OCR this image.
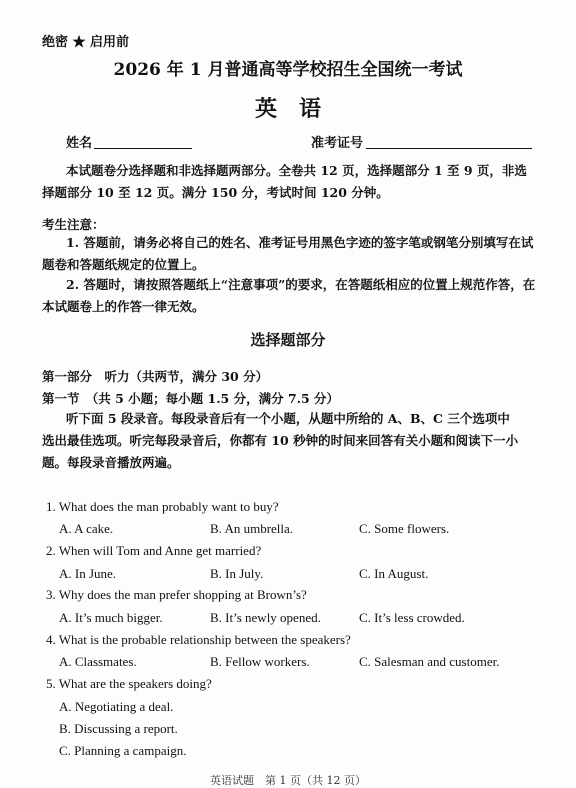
绝密 ★ 启用前
2026 年 1 月普通高等学校招生全国统一考试
英语
姓名	准考证号
本试题卷分选择题和非选择题两部分。全卷共 12 页，选择题部分 1 至 9 页，非选择题部分 10 至 12 页。满分 150 分，考试时间 120 分钟。
考生注意：
1. 答题前，请务必将自己的姓名、准考证号用黑色字迹的签字笔或钢笔分别填写在试题卷和答题纸规定的位置上。
2. 答题时，请按照答题纸上“注意事项”的要求，在答题纸相应的位置上规范作答，在本试题卷上的作答一律无效。
选择题部分
第一部分　听力（共两节，满分 30 分）
第一节　（共 5 小题；每小题 1.5 分，满分 7.5 分）
听下面 5 段录音。每段录音后有一个小题，从题中所给的 A、B、C 三个选项中选出最佳选项。听完每段录音后，你都有 10 秒钟的时间来回答有关小题和阅读下一小题。每段录音播放两遍。
1. What does the man probably want to buy?
A. A cake.	B. An umbrella.	C. Some flowers.
2. When will Tom and Anne get married?
A. In June.	B. In July.	C. In August.
3. Why does the man prefer shopping at Brown’s?
A. It’s much bigger.	B. It’s newly opened.	C. It’s less crowded.
4. What is the probable relationship between the speakers?
A. Classmates.	B. Fellow workers.	C. Salesman and customer.
5. What are the speakers doing?
A. Negotiating a deal.
B. Discussing a report.
C. Planning a campaign.
英语试题　第 1 页（共 12 页）
